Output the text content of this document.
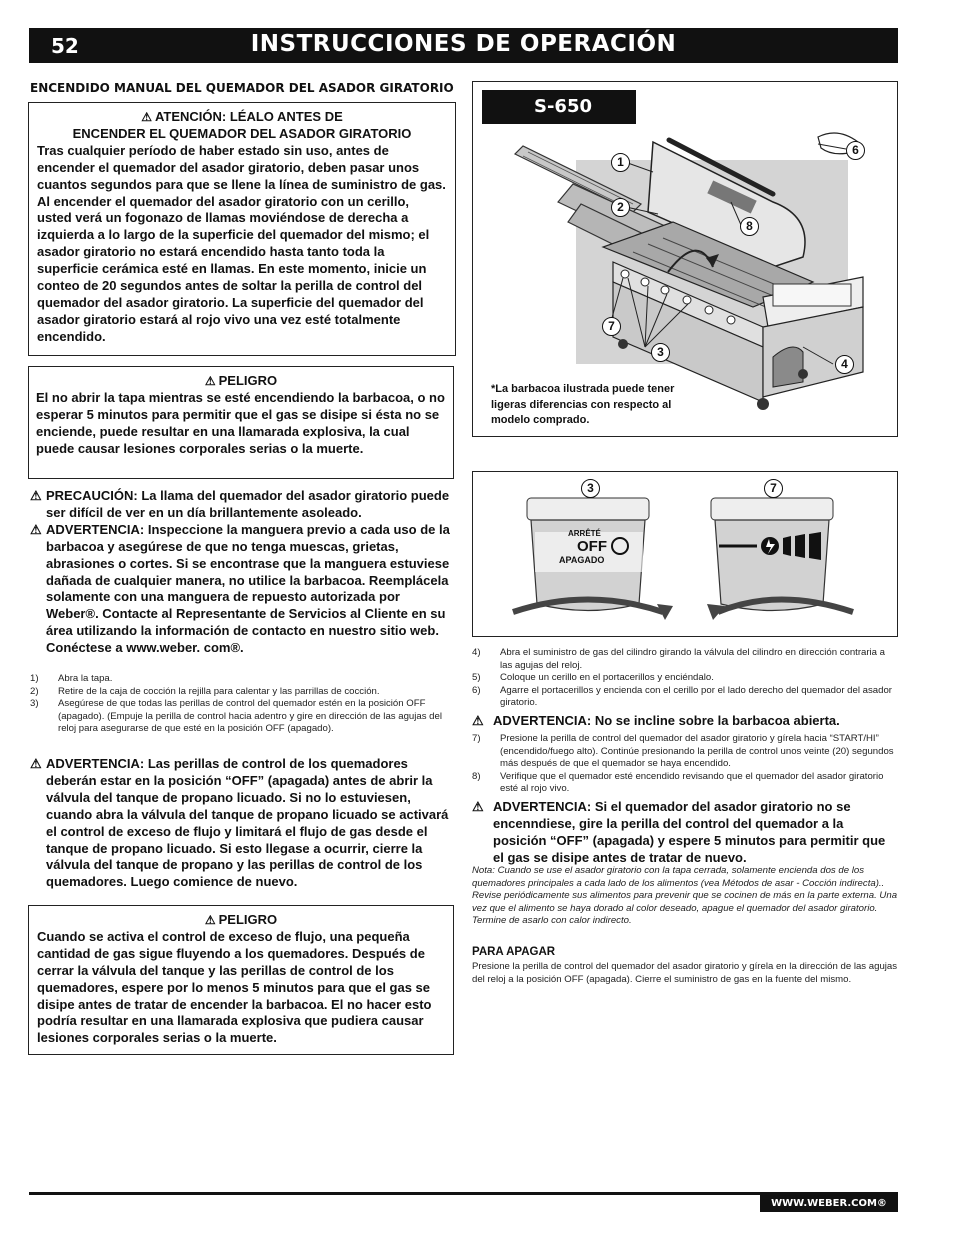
52	INSTRUCCIONES DE OPERACIÓN
ENCENDIDO MANUAL DEL QUEMADOR DEL ASADOR GIRATORIO
⚠ ATENCIÓN: LÉALO ANTES DE
ENCENDER EL QUEMADOR DEL ASADOR GIRATORIO
Tras cualquier período de haber estado sin uso, antes de encender el quemador del asador giratorio, deben pasar unos cuantos segundos para que se llene la línea de suministro de gas. Al encender el quemador del asador giratorio con un cerillo, usted verá un fogonazo de llamas moviéndose de derecha a izquierda a lo largo de la superficie del quemador del mismo; el asador giratorio no estará encendido hasta tanto toda la superficie cerámica esté en llamas. En este momento, inicie un conteo de 20 segundos antes de soltar la perilla de control del quemador del asador giratorio. La superficie del quemador del asador giratorio estará al rojo vivo una vez esté totalmente encendido.
⚠ PELIGRO
El no abrir la tapa mientras se esté encendiendo la barbacoa, o no esperar 5 minutos para permitir que el gas se disipe si ésta no se enciende, puede resultar en una llamarada explosiva, la cual puede causar lesiones corporales serias o la muerte.
⚠ PRECAUCIÓN: La llama del quemador del asador giratorio puede ser difícil de ver en un día brillantemente asoleado.
⚠ ADVERTENCIA: Inspeccione la manguera previo a cada uso de la barbacoa y asegúrese de que no tenga muescas, grietas, abrasiones o cortes. Si se encontrase que la manguera estuviese dañada de cualquier manera, no utilice la barbacoa. Reemplácela solamente con una manguera de repuesto autorizada por Weber®. Contacte al Representante de Servicios al Cliente en su área utilizando la información de contacto en nuestro sitio web. Conéctese a www.weber. com®.
1) Abra la tapa.
2) Retire de la caja de cocción la rejilla para calentar y las parrillas de cocción.
3) Asegúrese de que todas las perillas de control del quemador estén en la posición OFF (apagado). (Empuje la perilla de control hacia adentro y gire en dirección de las agujas del reloj para asegurarse de que esté en la posición OFF (apagado).
⚠ ADVERTENCIA: Las perillas de control de los quemadores deberán estar en la posición “OFF” (apagada) antes de abrir la válvula del tanque de propano licuado. Si no lo estuviesen, cuando abra la válvula del tanque de propano licuado se activará el control de exceso de flujo y limitará el flujo de gas desde el tanque de propano licuado. Si esto llegase a ocurrir, cierre la válvula del tanque de propano y las perillas de control de los quemadores. Luego comience de nuevo.
⚠ PELIGRO
Cuando se activa el control de exceso de flujo, una pequeña cantidad de gas sigue fluyendo a los quemadores. Después de cerrar la válvula del tanque y las perillas de control de los quemadores, espere por lo menos 5 minutos para que el gas se disipe antes de tratar de encender la barbacoa. El no hacer esto podría resultar en una llamarada explosiva que pudiera causar lesiones corporales serias o la muerte.
S-650
1
2
3
4
6
7
8
*La barbacoa ilustrada puede tener ligeras diferencias con respecto al modelo comprado.
3	7
ARRÊTÉ
OFF
APAGADO
4) Abra el suministro de gas del cilindro girando la válvula del cilindro en dirección contraria a las agujas del reloj.
5) Coloque un cerillo en el portacerillos y enciéndalo.
6) Agarre el portacerillos y encienda con el cerillo por el lado derecho del quemador del asador giratorio.
⚠ ADVERTENCIA: No se incline sobre la barbacoa abierta.
7) Presione la perilla de control del quemador del asador giratorio y gírela hacia “START/HI” (encendido/fuego alto). Continúe presionando la perilla de control unos veinte (20) segundos más después de que el quemador se haya encendido.
8) Verifique que el quemador esté encendido revisando que el quemador del asador giratorio esté al rojo vivo.
⚠ ADVERTENCIA: Si el quemador del asador giratorio no se encenndiese, gire la perilla del control del quemador a la posición “OFF” (apagada) y espere 5 minutos para permitir que el gas se disipe antes de tratar de nuevo.
Nota: Cuando se use el asador giratorio con la tapa cerrada, solamente encienda dos de los quemadores principales a cada lado de los alimentos (vea Métodos de asar - Cocción indirecta).. Revise periódicamente sus alimentos para prevenir que se cocinen de más en la parte externa. Una vez que el alimento se haya dorado al color deseado, apague el quemador del asador giratorio. Termine de asarlo con calor indirecto.
PARA APAGAR
Presione la perilla de control del quemador del asador giratorio y gírela en la dirección de las agujas del reloj a la posición OFF (apagada). Cierre el suministro de gas en la fuente del mismo.
WWW.WEBER.COM®
